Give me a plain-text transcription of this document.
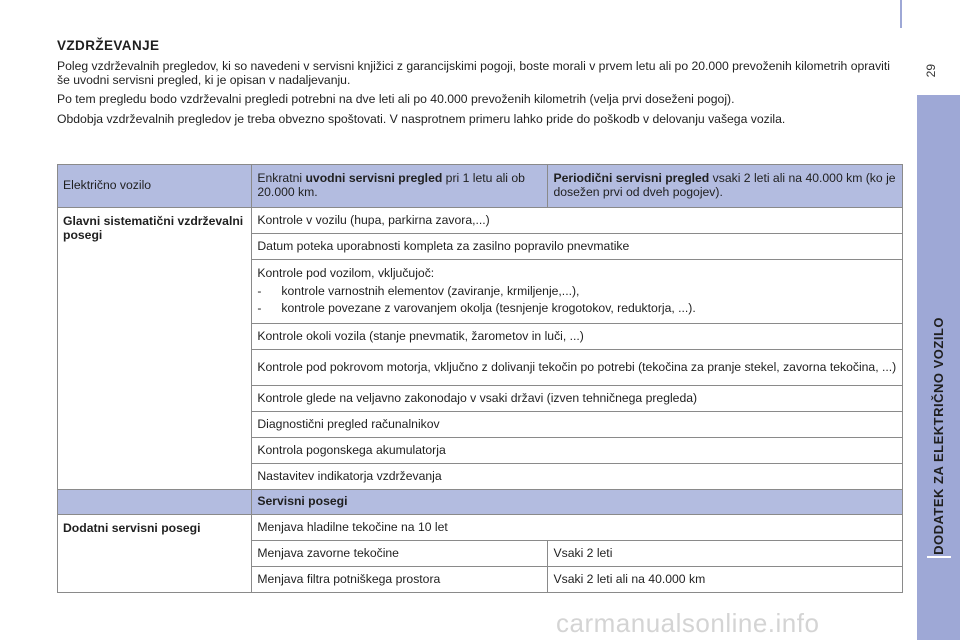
29
DODATEK ZA ELEKTRIČNO VOZILO
VZDRŽEVANJE

Poleg vzdrževalnih pregledov, ki so navedeni v servisni knjižici z garancijskimi pogoji, boste morali v prvem letu ali po 20.000 prevoženih kilometrih opraviti še uvodni servisni pregled, ki je opisan v nadaljevanju.

Po tem pregledu bodo vzdrževalni pregledi potrebni na dve leti ali po 40.000 prevoženih kilometrih (velja prvi doseženi pogoj).

Obdobja vzdrževalnih pregledov je treba obvezno spoštovati. V nasprotnem primeru lahko pride do poškodb v delovanju vašega vozila.

Električno vozilo	Enkratni uvodni servisni pregled pri 1 letu ali ob 20.000 km.	Periodični servisni pregled vsaki 2 leti ali na 40.000 km (ko je dosežen prvi od dveh pogojev).
Glavni sistematični vzdrževalni posegi	Kontrole v vozilu (hupa, parkirna zavora,...)	
	Datum poteka uporabnosti kompleta za zasilno popravilo pnevmatike	
	Kontrole pod vozilom, vključujoč:
- kontrole varnostnih elementov (zaviranje, krmiljenje,...),
- kontrole povezane z varovanjem okolja (tesnjenje krogotokov, reduktorja, ...).	

	Kontrole okoli vozila (stanje pnevmatik, žarometov in luči, ...)	
	Kontrole pod pokrovom motorja, vključno z dolivanji tekočin po potrebi (tekočina za pranje stekel, zavorna tekočina, ...)	
	Kontrole glede na veljavno zakonodajo v vsaki državi (izven tehničnega pregleda)	
	Diagnostični pregled računalnikov	
	Kontrola pogonskega akumulatorja	
	Nastavitev indikatorja vzdrževanja	
	Servisni posegi	
Dodatni servisni posegi	Menjava hladilne tekočine na 10 let	
	Menjava zavorne tekočine	Vsaki 2 leti
	Menjava filtra potniškega prostora	Vsaki 2 leti ali na 40.000 km
carmanualsonline.info
